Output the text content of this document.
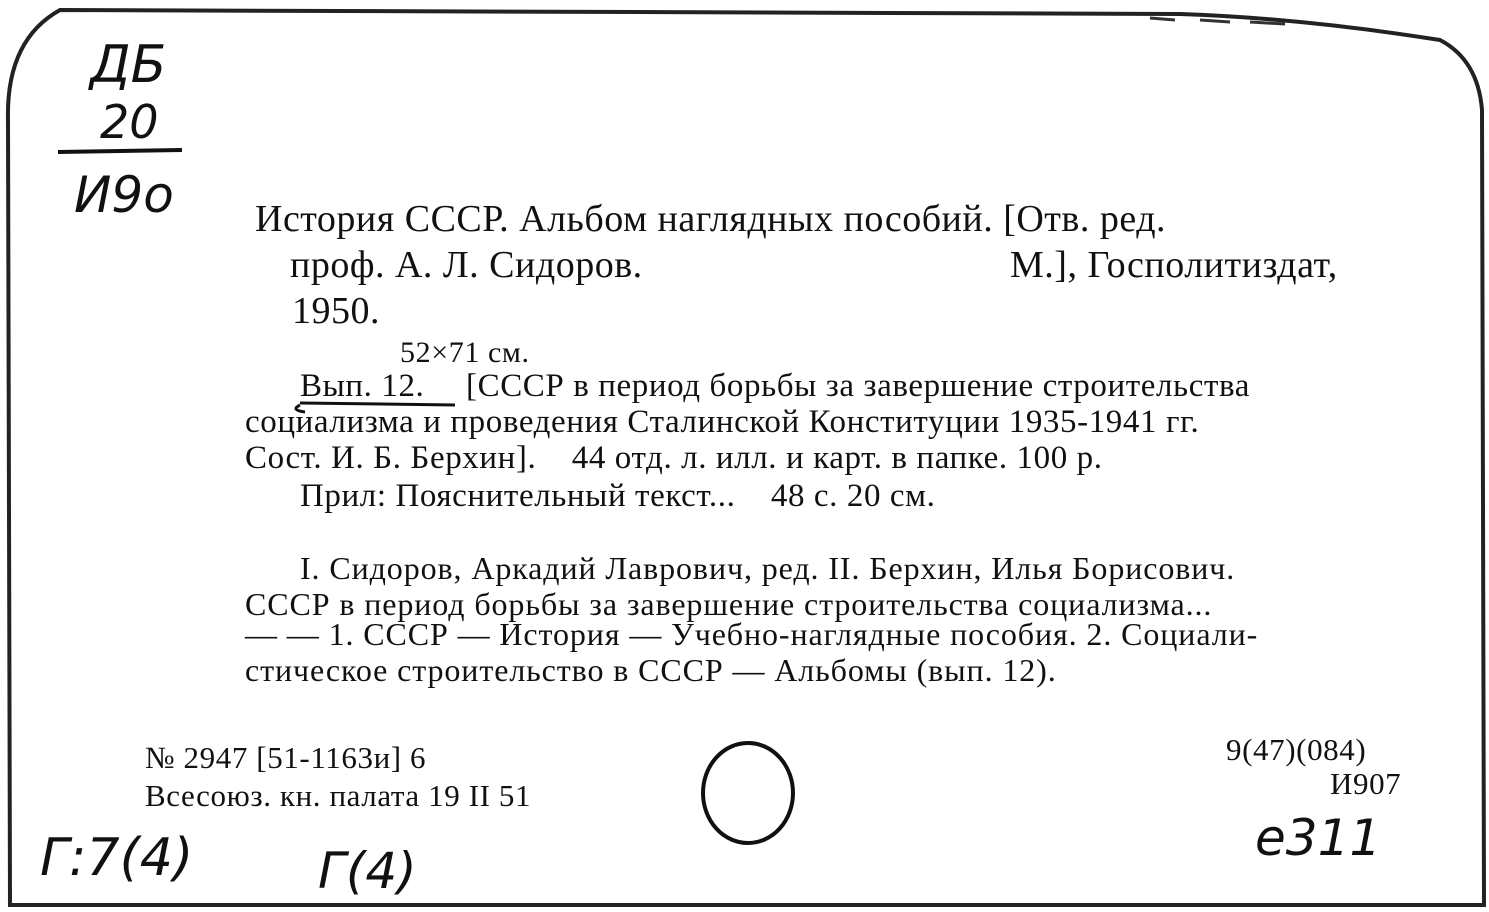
ДБ
20
И9о История СССР. Альбом наглядных пособий. [Отв. ред.
проф. А. Л. Сидоров.	М.], Госполитиздат,
1950.
52×71 см.
Вып. 12. [СССР в период борьбы за завершение строительства
социализма и проведения Сталинской Конституции 1935-1941 гг.
Сост. И. Б. Берхин].    44 отд. л. илл. и карт. в папке. 100 р.
Прил: Пояснительный текст...    48 с. 20 см.
I. Сидоров, Аркадий Лаврович, ред. II. Берхин, Илья Борисович.
СССР в период борьбы за завершение строительства социализма...
— — 1. СССР — История — Учебно-наглядные пособия. 2. Социали-
стическое строительство в СССР — Альбомы (вып. 12).
№ 2947 [51-1163и] 6
Всесоюз. кн. палата 19 II 51
9(47)(084)
И907
е311
Г:7(4) Г(4)
